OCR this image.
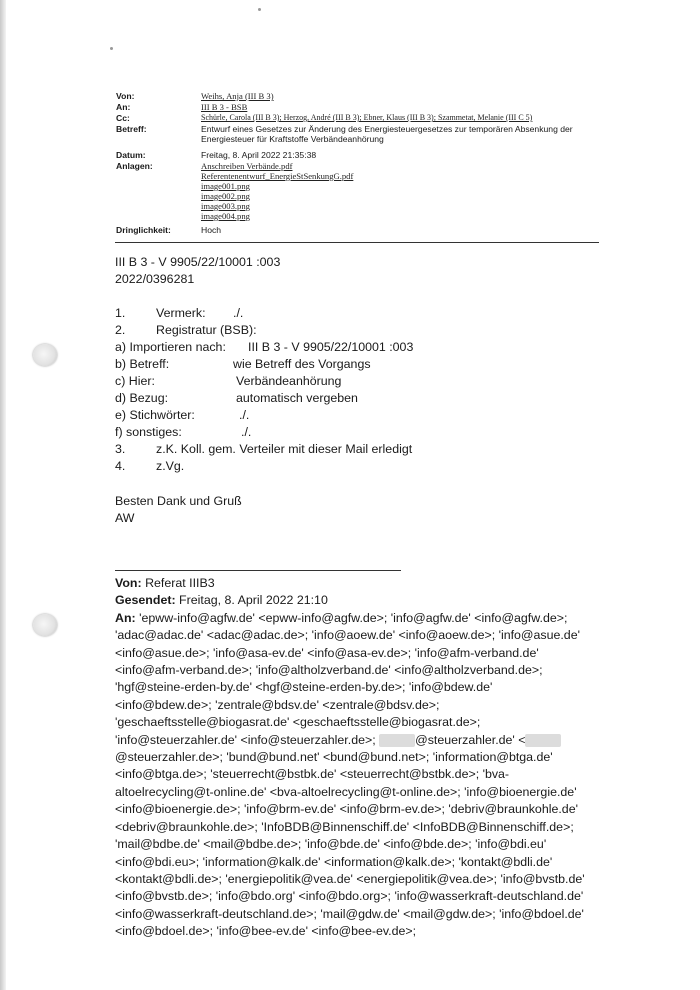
Von:	Weihs, Anja (III B 3)
An:	III B 3 - BSB
Cc:	Schürle, Carola (III B 3); Herzog, André (III B 3); Ebner, Klaus (III B 3); Szammetat, Melanie (III C 5)
Betreff:	Entwurf eines Gesetzes zur Änderung des Energiesteuergesetzes zur temporären Absenkung der
Energiesteuer für Kraftstoffe Verbändeanhörung
Datum:	Freitag, 8. April 2022 21:35:38
Anlagen:	Anschreiben Verbände.pdf
Referentenentwurf_EnergieStSenkungG.pdf
image001.png
image002.png
image003.png
image004.png
Dringlichkeit:	Hoch
III B 3 - V 9905/22/10001 :003
2022/0396281
1. Vermerk: ./.
2. Registratur (BSB):
a) Importieren nach: III B 3 - V 9905/22/10001 :003
b) Betreff:	wie Betreff des Vorgangs
c) Hier:	Verbändeanhörung
d) Bezug:	automatisch vergeben
e) Stichwörter:	./.
f) sonstiges:	./.
3. z.K. Koll. gem. Verteiler mit dieser Mail erledigt
4. z.Vg.
Besten Dank und Gruß
AW

Von: Referat IIIB3

Gesendet: Freitag, 8. April 2022 21:10

An: 'epww-info@agfw.de' <epww-info@agfw.de>; 'info@agfw.de' <info@agfw.de>; 'adac@adac.de' <adac@adac.de>; 'info@aoew.de' <info@aoew.de>; 'info@asue.de' <info@asue.de>; 'info@asa-ev.de' <info@asa-ev.de>; 'info@afm-verband.de' <info@afm-verband.de>; 'info@altholzverband.de' <info@altholzverband.de>; 'hgf@steine-erden-by.de' <hgf@steine-erden-by.de>; 'info@bdew.de' <info@bdew.de>; 'zentrale@bdsv.de' <zentrale@bdsv.de>; 'geschaeftsstelle@biogasrat.de' <geschaeftsstelle@biogasrat.de>; 'info@steuerzahler.de' <info@steuerzahler.de>;	@steuerzahler.de' < @steuerzahler.de>; 'bund@bund.net' <bund@bund.net>; 'information@btga.de' <info@btga.de>; 'steuerrecht@bstbk.de' <steuerrecht@bstbk.de>; 'bva-altoelrecycling@t-online.de' <bva-altoelrecycling@t-online.de>; 'info@bioenergie.de' <info@bioenergie.de>; 'info@brm-ev.de' <info@brm-ev.de>; 'debriv@braunkohle.de' <debriv@braunkohle.de>; 'InfoBDB@Binnenschiff.de' <InfoBDB@Binnenschiff.de>; 'mail@bdbe.de' <mail@bdbe.de>; 'info@bde.de' <info@bde.de>; 'info@bdi.eu' <info@bdi.eu>; 'information@kalk.de' <information@kalk.de>; 'kontakt@bdli.de' <kontakt@bdli.de>; 'energiepolitik@vea.de' <energiepolitik@vea.de>; 'info@bvstb.de' <info@bvstb.de>; 'info@bdo.org' <info@bdo.org>; 'info@wasserkraft-deutschland.de' <info@wasserkraft-deutschland.de>; 'mail@gdw.de' <mail@gdw.de>; 'info@bdoel.de' <info@bdoel.de>; 'info@bee-ev.de' <info@bee-ev.de>;
